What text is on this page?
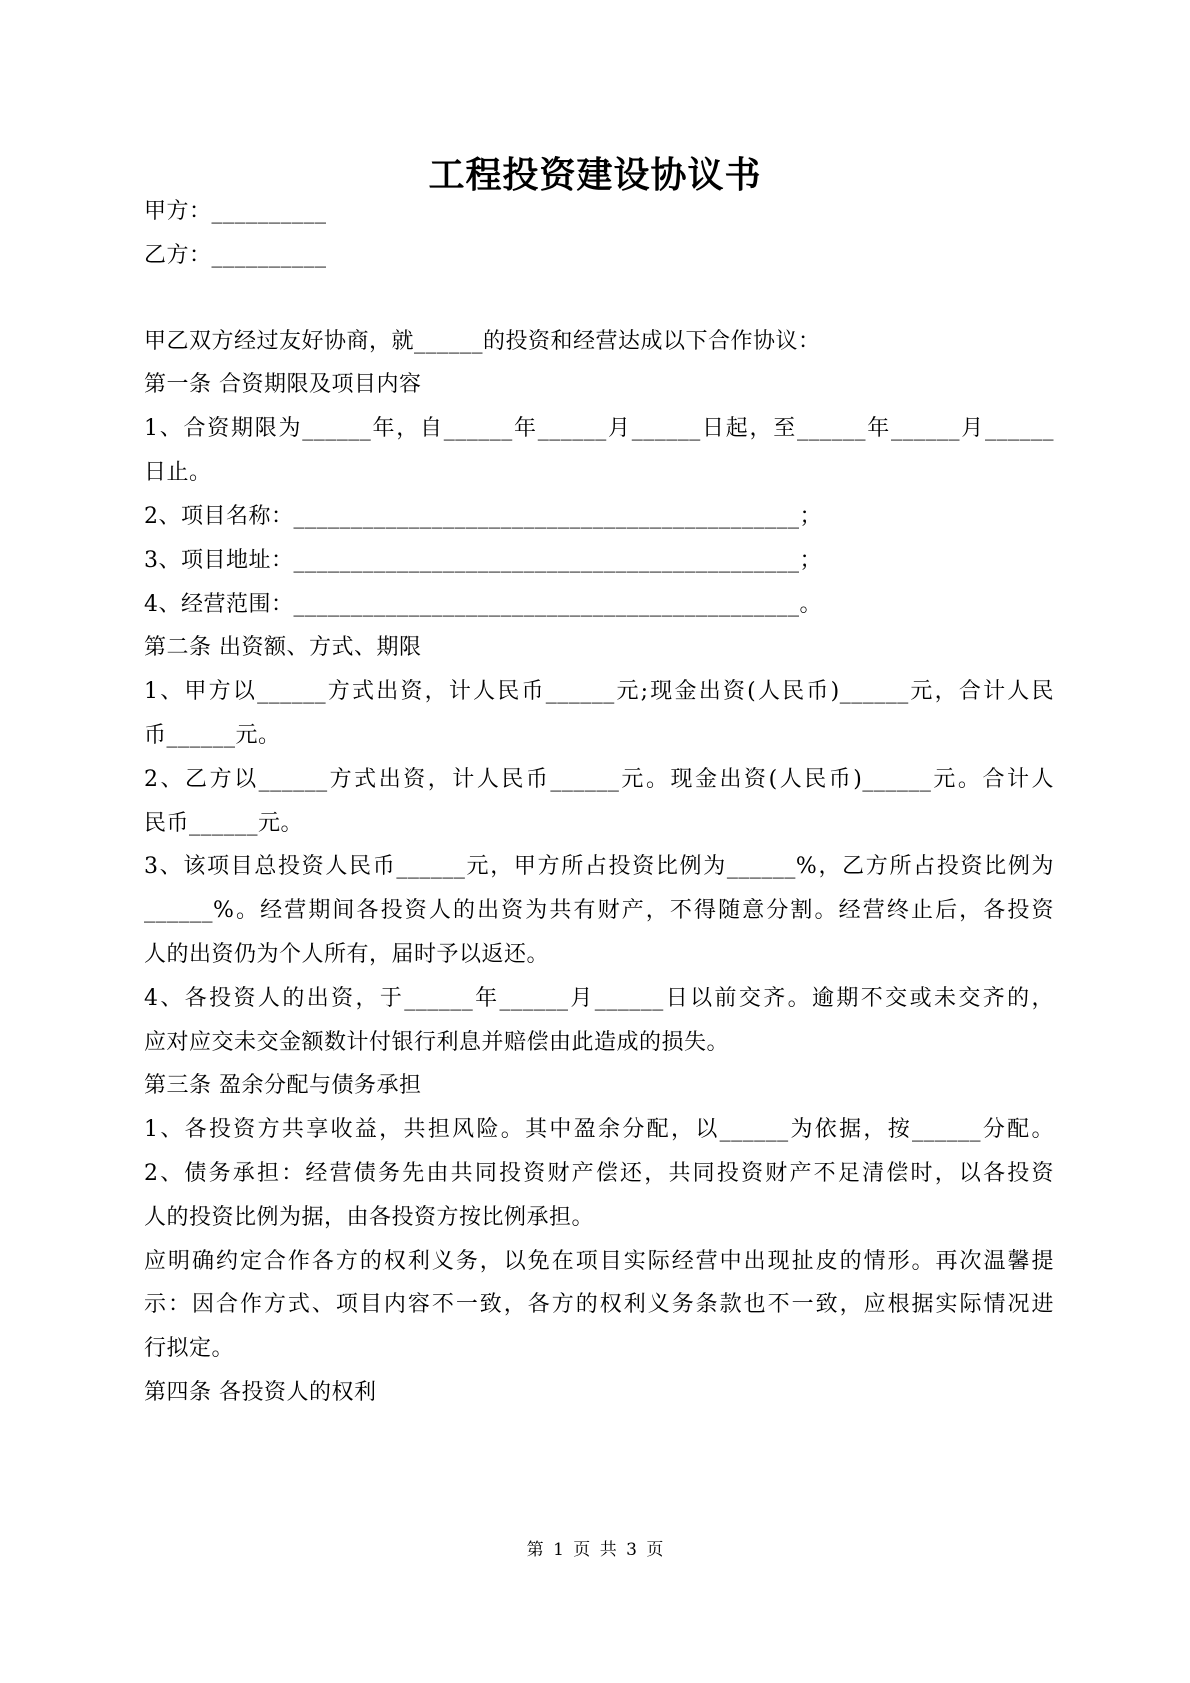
工程投资建设协议书
甲方：__________
乙方：__________
甲乙双方经过友好协商，就______的投资和经营达成以下合作协议：
第一条 合资期限及项目内容
1、合资期限为______年，自______年______月______日起，至______年______月______
日止。
2、项目名称：____________________________________________；
3、项目地址：____________________________________________；
4、经营范围：____________________________________________。
第二条 出资额、方式、期限
1、甲方以______方式出资，计人民币______元;现金出资(人民币)______元，合计人民
币______元。
2、乙方以______方式出资，计人民币______元。现金出资(人民币)______元。合计人
民币______元。
3、该项目总投资人民币______元，甲方所占投资比例为______%，乙方所占投资比例为
______%。经营期间各投资人的出资为共有财产，不得随意分割。经营终止后，各投资
人的出资仍为个人所有，届时予以返还。
4、各投资人的出资，于______年______月______日以前交齐。逾期不交或未交齐的，
应对应交未交金额数计付银行利息并赔偿由此造成的损失。
第三条 盈余分配与债务承担
1、各投资方共享收益，共担风险。其中盈余分配，以______为依据，按______分配。
2、债务承担：经营债务先由共同投资财产偿还，共同投资财产不足清偿时，以各投资
人的投资比例为据，由各投资方按比例承担。
应明确约定合作各方的权利义务，以免在项目实际经营中出现扯皮的情形。再次温馨提
示：因合作方式、项目内容不一致，各方的权利义务条款也不一致，应根据实际情况进
行拟定。
第四条 各投资人的权利
第 1 页 共 3 页
